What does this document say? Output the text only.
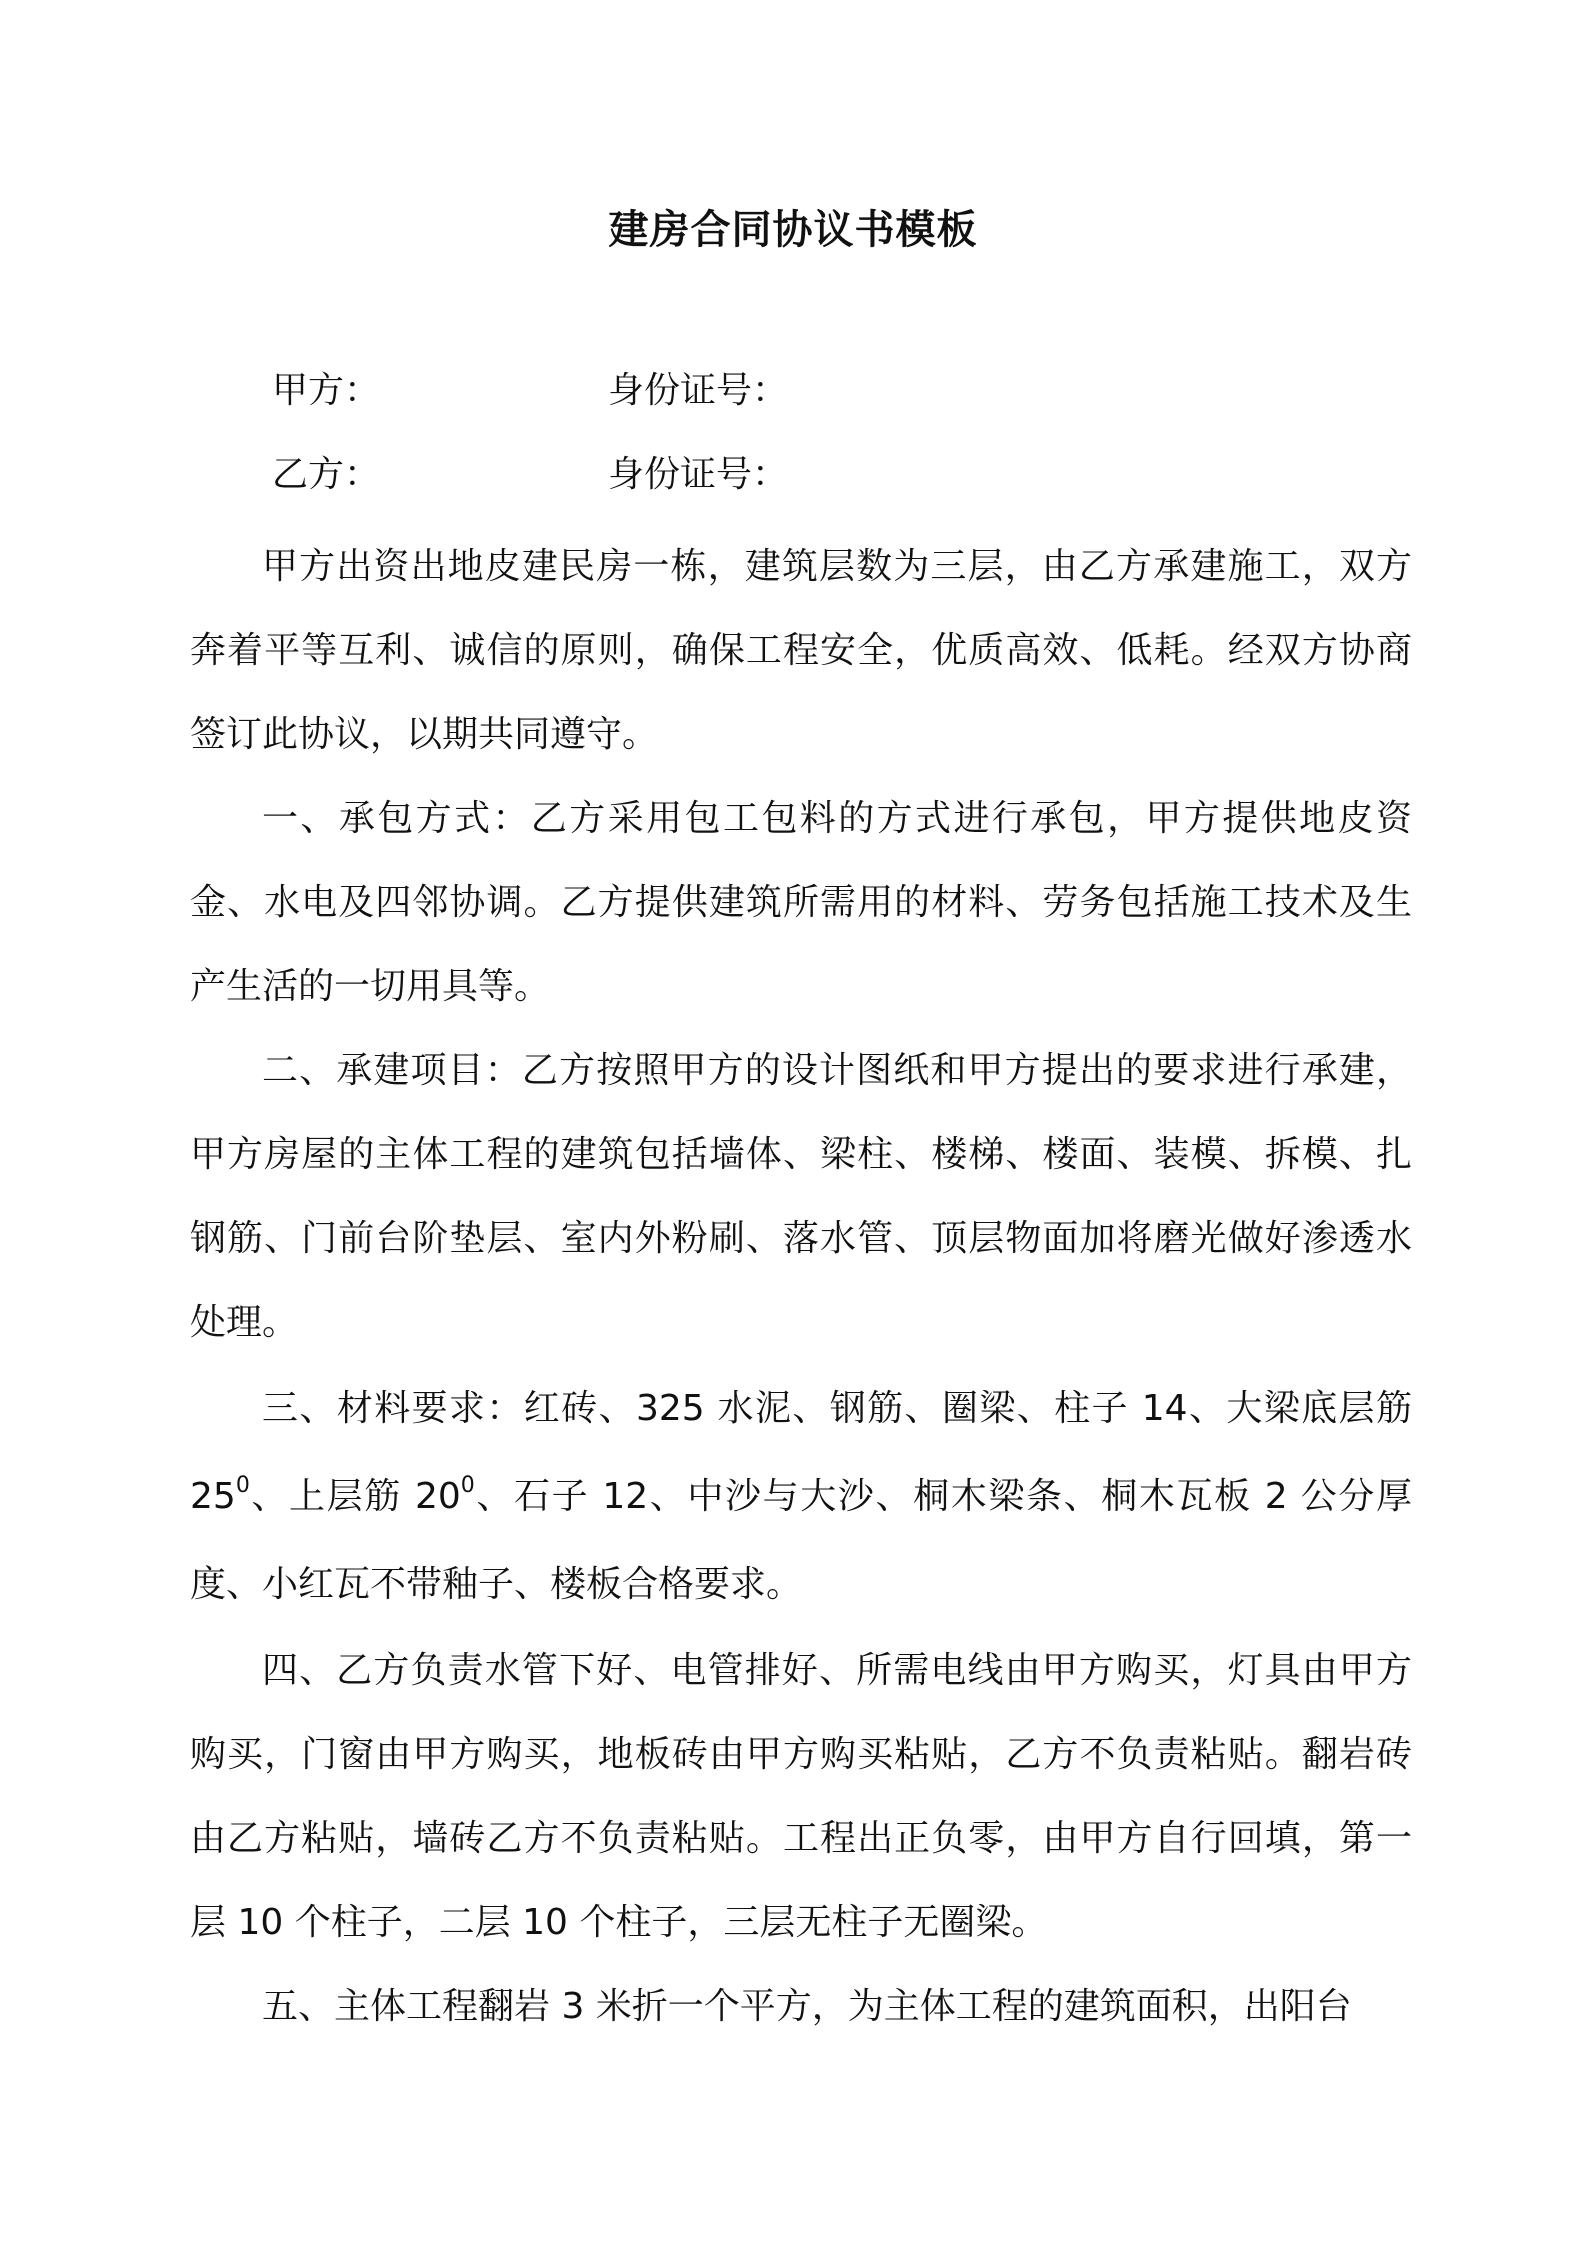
建房合同协议书模板
甲方：	身份证号：
乙方：	身份证号：

甲方出资出地皮建民房一栋，建筑层数为三层，由乙方承建施工，双方奔着平等互利、诚信的原则，确保工程安全，优质高效、低耗。经双方协商签订此协议，以期共同遵守。

一、承包方式：乙方采用包工包料的方式进行承包，甲方提供地皮资金、水电及四邻协调。乙方提供建筑所需用的材料、劳务包括施工技术及生产生活的一切用具等。

二、承建项目：乙方按照甲方的设计图纸和甲方提出的要求进行承建，甲方房屋的主体工程的建筑包括墙体、梁柱、楼梯、楼面、装模、拆模、扎钢筋、门前台阶垫层、室内外粉刷、落水管、顶层物面加将磨光做好渗透水处理。

三、材料要求：红砖、325 水泥、钢筋、圈梁、柱子 14、大梁底层筋 $25^0$、上层筋 $20^0$、石子 12、中沙与大沙、桐木梁条、桐木瓦板 2 公分厚度、小红瓦不带釉子、楼板合格要求。

四、乙方负责水管下好、电管排好、所需电线由甲方购买，灯具由甲方购买，门窗由甲方购买，地板砖由甲方购买粘贴，乙方不负责粘贴。翻岩砖由乙方粘贴，墙砖乙方不负责粘贴。工程出正负零，由甲方自行回填，第一层 10 个柱子，二层 10 个柱子，三层无柱子无圈梁。

五、主体工程翻岩 3 米折一个平方，为主体工程的建筑面积，出阳台
